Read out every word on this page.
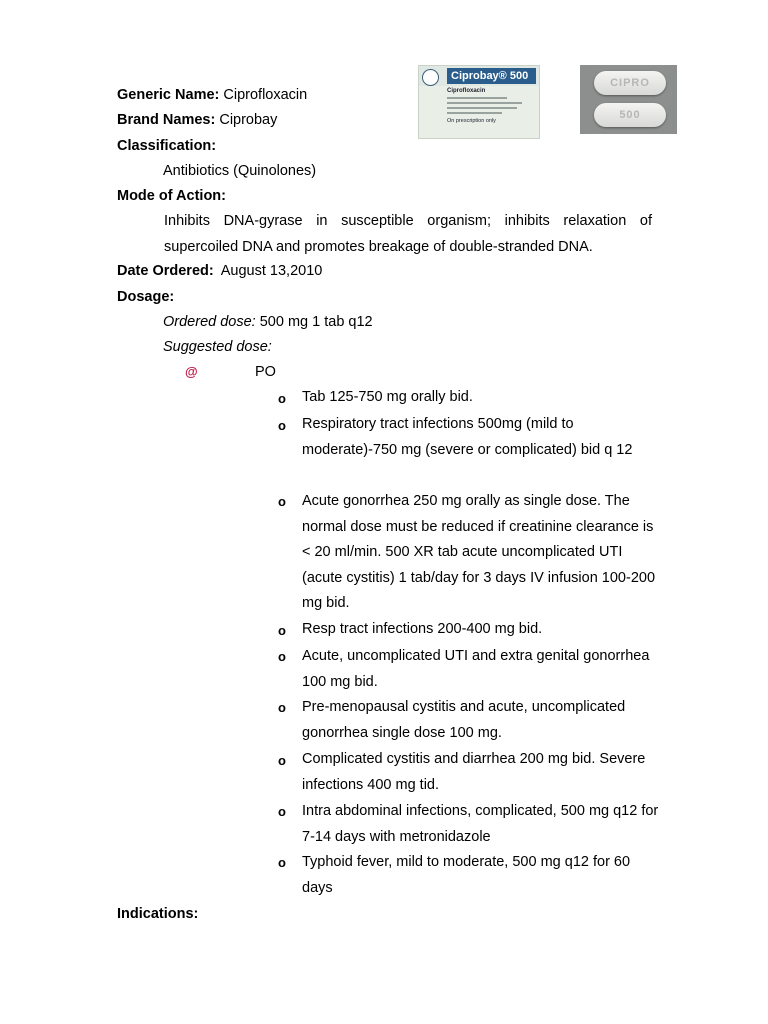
Ciprobay® 500
Ciprofloxacin
On prescription only
CIPRO
500
Generic Name: Ciprofloxacin
Brand Names: Ciprobay
Classification:
Antibiotics (Quinolones)
Mode of Action:
Inhibits DNA-gyrase in susceptible organism; inhibits relaxation of supercoiled DNA and promotes breakage of double-stranded DNA.
Date Ordered: August 13,2010
Dosage:
Ordered dose: 500 mg 1 tab q12
Suggested dose:
@	PO
o Tab 125-750 mg orally bid.
o Respiratory tract infections 500mg (mild to moderate)-750 mg (severe or complicated) bid q 12
o Acute gonorrhea 250 mg orally as single dose. The normal dose must be reduced if creatinine clearance is < 20 ml/min. 500 XR tab acute uncomplicated UTI (acute cystitis) 1 tab/day for 3 days IV infusion 100-200 mg bid.
o Resp tract infections 200-400 mg bid.
o Acute, uncomplicated UTI and extra genital gonorrhea 100 mg bid.
o Pre-menopausal cystitis and acute, uncomplicated gonorrhea single dose 100 mg.
o Complicated cystitis and diarrhea 200 mg bid. Severe infections 400 mg tid.
o Intra abdominal infections, complicated, 500 mg q12 for 7-14 days with metronidazole
o Typhoid fever, mild to moderate, 500 mg q12 for 60 days
Indications:
